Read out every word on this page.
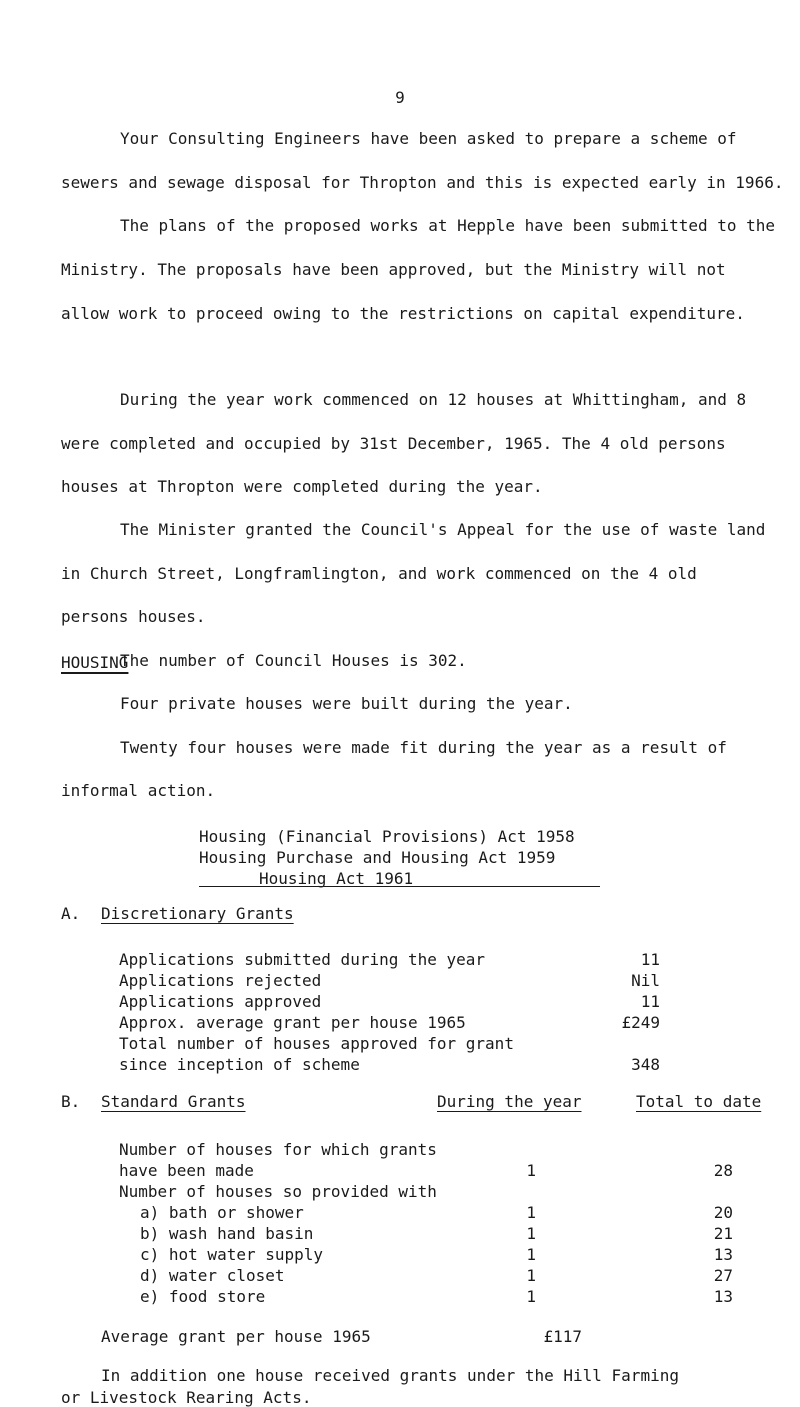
9
Your Consulting Engineers have been asked to prepare a scheme of
sewers and sewage disposal for Thropton and this is expected early in 1966.
The plans of the proposed works at Hepple have been submitted to the
Ministry. The proposals have been approved, but the Ministry will not
allow work to proceed owing to the restrictions on capital expenditure.
HOUSING
During the year work commenced on 12 houses at Whittingham, and 8
were completed and occupied by 31st December, 1965. The 4 old persons
houses at Thropton were completed during the year.
The Minister granted the Council's Appeal for the use of waste land
in Church Street, Longframlington, and work commenced on the 4 old
persons houses.
The number of Council Houses is 302.
Four private houses were built during the year.
Twenty four houses were made fit during the year as a result of
informal action.
Housing (Financial Provisions) Act 1958
Housing Purchase and Housing Act 1959
Housing Act 1961
A. Discretionary Grants
Applications submitted during the year	11
Applications rejected	Nil
Applications approved	11
Approx. average grant per house 1965	£249
Total number of houses approved for grant
since inception of scheme	348
B. Standard Grants	During the year	Total to date
Number of houses for which grants
have been made	1	28
Number of houses so provided with
a) bath or shower	1	20
b) wash hand basin	1	21
c) hot water supply	1	13
d) water closet	1	27
e) food store	1	13
Average grant per house 1965	£117
In addition one house received grants under the Hill Farming
or Livestock Rearing Acts.
